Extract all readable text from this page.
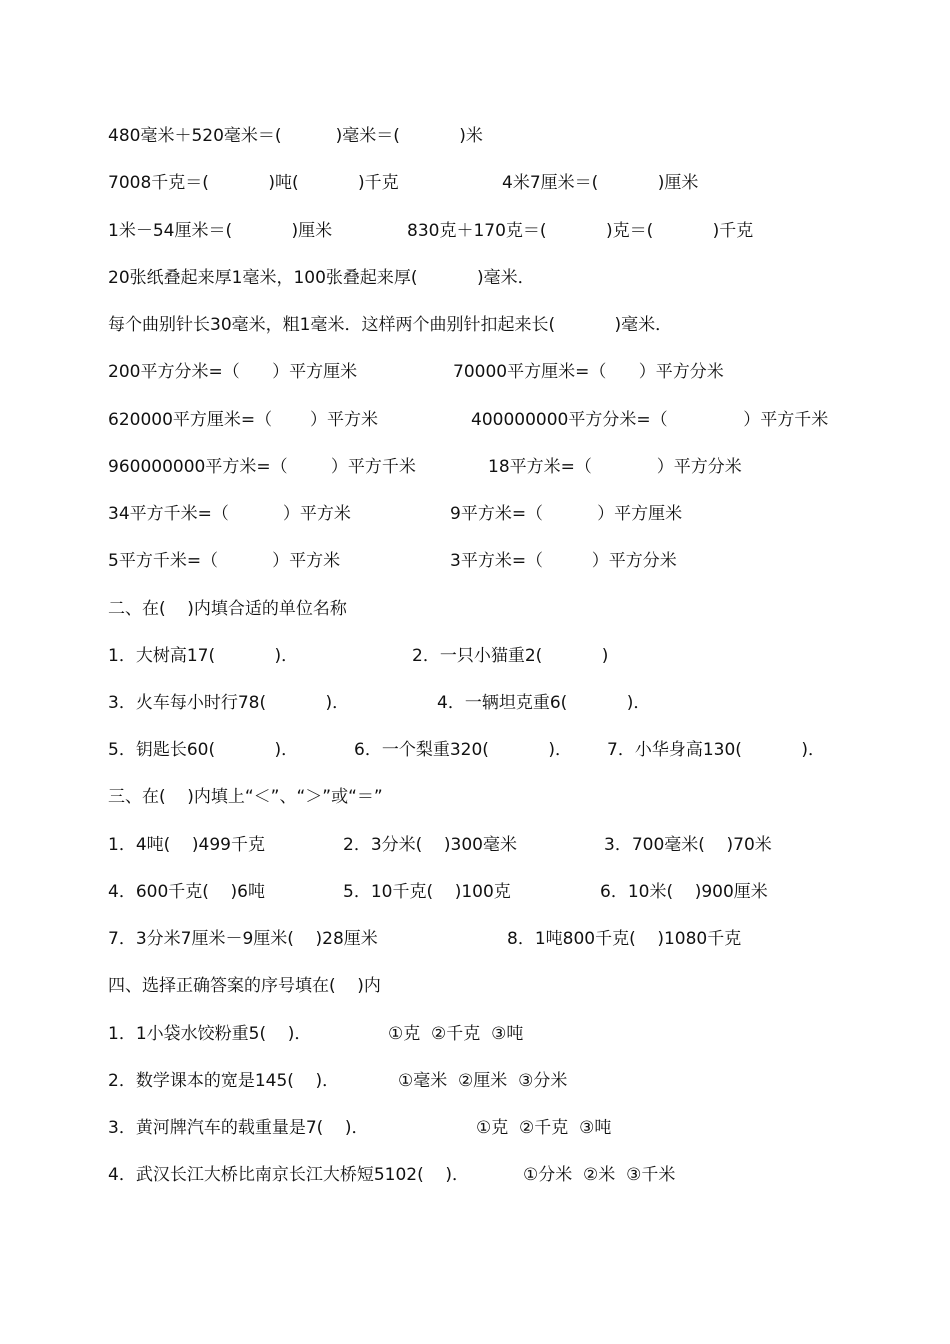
480毫米＋520毫米＝(          )毫米＝(           )米
7008千克＝(           )吨(           )千克	4米7厘米＝(           )厘米
1米－54厘米＝(           )厘米	830克＋170克＝(           )克＝(           )千克
20张纸叠起来厚1毫米，100张叠起来厚(           )毫米．
每个曲别针长30毫米，粗1毫米．这样两个曲别针扣起来长(           )毫米．
200平方分米=（      ）平方厘米	70000平方厘米=（      ）平方分米
620000平方厘米=（       ）平方米	400000000平方分米=（              ）平方千米
960000000平方米=（        ）平方千米	18平方米=（            ）平方分米
34平方千米=（          ）平方米	9平方米=（          ）平方厘米
5平方千米=（          ）平方米	3平方米=（         ）平方分米
二、在(    )内填合适的单位名称
1．大树高17(           )．	2．一只小猫重2(           )
3．火车每小时行78(           )．	4．一辆坦克重6(           )．
5．钥匙长60(           )．	6．一个梨重320(           )． 7．小华身高130(           )．
三、在(    )内填上“＜”、“＞”或“＝”
1．4吨(    )499千克	2．3分米(    )300毫米	3．700毫米(    )70米
4．600千克(    )6吨	5．10千克(    )100克	6．10米(    )900厘米
7．3分米7厘米－9厘米(    )28厘米	8．1吨800千克(    )1080千克
四、选择正确答案的序号填在(    )内
1．1小袋水饺粉重5(    )．	①克  ②千克  ③吨
2．数学课本的宽是145(    )．	①毫米  ②厘米  ③分米
3．黄河牌汽车的载重量是7(    )．	①克  ②千克  ③吨
4．武汉长江大桥比南京长江大桥短5102(    )．	①分米  ②米  ③千米
